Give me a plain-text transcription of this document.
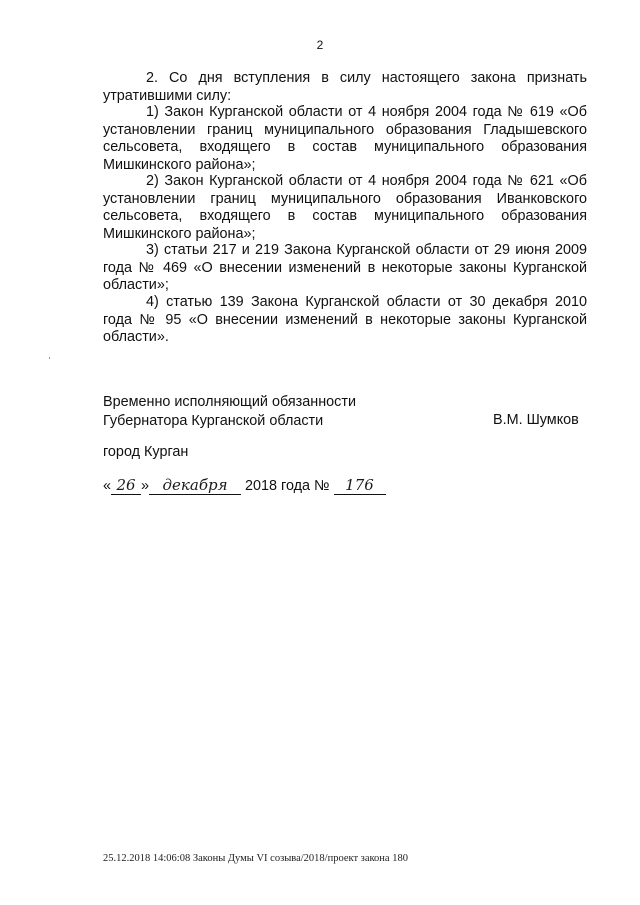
2

2. Со дня вступления в силу настоящего закона признать утратившими силу:

1) Закон Курганской области от 4 ноября 2004 года № 619 «Об установлении границ муниципального образования Гладышевского сельсовета, входящего в состав муниципального образования Мишкинского района»;

2) Закон Курганской области от 4 ноября 2004 года № 621 «Об установлении границ муниципального образования Иванковского сельсовета, входящего в состав муниципального образования Мишкинского района»;

3) статьи 217 и 219 Закона Курганской области от 29 июня 2009 года № 469 «О внесении изменений в некоторые законы Курганской области»;

4) статью 139 Закона Курганской области от 30 декабря 2010 года № 95 «О внесении изменений в некоторые законы Курганской области».

Временно исполняющий обязанности
Губернатора Курганской области	В.М. Шумков
город Курган
« 26 » декабря 2018 года № 176
25.12.2018 14:06:08 Законы Думы VI созыва/2018/проект закона 180
